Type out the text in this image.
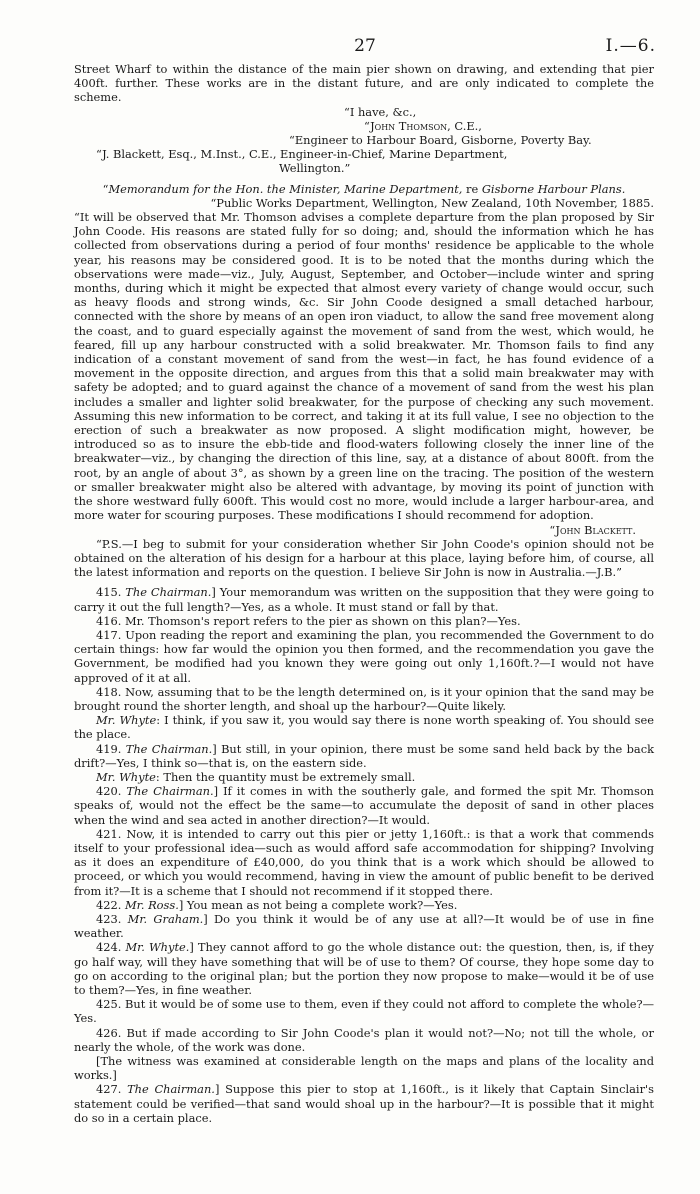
27	I.—6.

Street Wharf to within the distance of the main pier shown on drawing, and extending that pier 400ft. further. These works are in the distant future, and are only indicated to complete the scheme.

“I have, &c.,

“John Thomson, C.E.,

“Engineer to Harbour Board, Gisborne, Poverty Bay.

“J. Blackett, Esq., M.Inst., C.E., Engineer-in-Chief, Marine Department,

Wellington.”

“Memorandum for the Hon. the Minister, Marine Department, re Gisborne Harbour Plans.

“Public Works Department, Wellington, New Zealand, 10th November, 1885.

“It will be observed that Mr. Thomson advises a complete departure from the plan proposed by Sir John Coode. His reasons are stated fully for so doing; and, should the information which he has collected from observations during a period of four months' residence be applicable to the whole year, his reasons may be considered good. It is to be noted that the months during which the observations were made—viz., July, August, September, and October—include winter and spring months, during which it might be expected that almost every variety of change would occur, such as heavy floods and strong winds, &c. Sir John Coode designed a small detached harbour, connected with the shore by means of an open iron viaduct, to allow the sand free movement along the coast, and to guard especially against the movement of sand from the west, which would, he feared, fill up any harbour constructed with a solid breakwater. Mr. Thomson fails to find any indication of a constant movement of sand from the west—in fact, he has found evidence of a movement in the opposite direction, and argues from this that a solid main breakwater may with safety be adopted; and to guard against the chance of a movement of sand from the west his plan includes a smaller and lighter solid breakwater, for the purpose of checking any such movement. Assuming this new information to be correct, and taking it at its full value, I see no objection to the erection of such a breakwater as now proposed. A slight modification might, however, be introduced so as to insure the ebb-tide and flood-waters following closely the inner line of the breakwater—viz., by changing the direction of this line, say, at a distance of about 800ft. from the root, by an angle of about 3°, as shown by a green line on the tracing. The position of the western or smaller breakwater might also be altered with advantage, by moving its point of junction with the shore westward fully 600ft. This would cost no more, would include a larger harbour-area, and more water for scouring purposes. These modifications I should recommend for adoption.

“John Blackett.

“P.S.—I beg to submit for your consideration whether Sir John Coode's opinion should not be obtained on the alteration of his design for a harbour at this place, laying before him, of course, all the latest information and reports on the question. I believe Sir John is now in Australia.—J.B.”

415. The Chairman.] Your memorandum was written on the supposition that they were going to carry it out the full length?—Yes, as a whole. It must stand or fall by that.

416. Mr. Thomson's report refers to the pier as shown on this plan?—Yes.

417. Upon reading the report and examining the plan, you recommended the Government to do certain things: how far would the opinion you then formed, and the recommendation you gave the Government, be modified had you known they were going out only 1,160ft.?—I would not have approved of it at all.

418. Now, assuming that to be the length determined on, is it your opinion that the sand may be brought round the shorter length, and shoal up the harbour?—Quite likely.

Mr. Whyte: I think, if you saw it, you would say there is none worth speaking of. You should see the place.

419. The Chairman.] But still, in your opinion, there must be some sand held back by the back drift?—Yes, I think so—that is, on the eastern side.

Mr. Whyte: Then the quantity must be extremely small.

420. The Chairman.] If it comes in with the southerly gale, and formed the spit Mr. Thomson speaks of, would not the effect be the same—to accumulate the deposit of sand in other places when the wind and sea acted in another direction?—It would.

421. Now, it is intended to carry out this pier or jetty 1,160ft.: is that a work that commends itself to your professional idea—such as would afford safe accommodation for shipping? Involving as it does an expenditure of £40,000, do you think that is a work which should be allowed to proceed, or which you would recommend, having in view the amount of public benefit to be derived from it?—It is a scheme that I should not recommend if it stopped there.

422. Mr. Ross.] You mean as not being a complete work?—Yes.

423. Mr. Graham.] Do you think it would be of any use at all?—It would be of use in fine weather.

424. Mr. Whyte.] They cannot afford to go the whole distance out: the question, then, is, if they go half way, will they have something that will be of use to them? Of course, they hope some day to go on according to the original plan; but the portion they now propose to make—would it be of use to them?—Yes, in fine weather.

425. But it would be of some use to them, even if they could not afford to complete the whole?—Yes.

426. But if made according to Sir John Coode's plan it would not?—No; not till the whole, or nearly the whole, of the work was done.

[The witness was examined at considerable length on the maps and plans of the locality and works.]

427. The Chairman.] Suppose this pier to stop at 1,160ft., is it likely that Captain Sinclair's statement could be verified—that sand would shoal up in the harbour?—It is possible that it might do so in a certain place.
